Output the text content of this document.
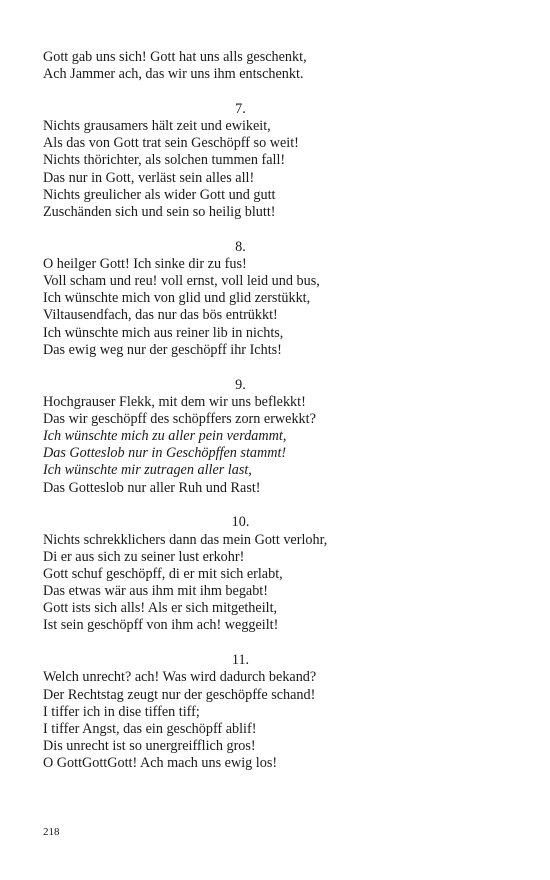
Gott gab uns sich! Gott hat uns alls geschenkt,
Ach Jammer ach, das wir uns ihm entschenkt.
7.
Nichts grausamers hält zeit und ewikeit,
Als das von Gott trat sein Geschöpff so weit!
Nichts thörichter, als solchen tummen fall!
Das nur in Gott, verläst sein alles all!
Nichts greulicher als wider Gott und gutt
Zuschänden sich und sein so heilig blutt!
8.
O heilger Gott! Ich sinke dir zu fus!
Voll scham und reu! voll ernst, voll leid und bus,
Ich wünschte mich von glid und glid zerstükkt,
Viltausendfach, das nur das bös entrükkt!
Ich wünschte mich aus reiner lib in nichts,
Das ewig weg nur der geschöpff ihr Ichts!
9.
Hochgrauser Flekk, mit dem wir uns beflekkt!
Das wir geschöpff des schöpffers zorn erwekkt?
Ich wünschte mich zu aller pein verdammt,
Das Gotteslob nur in Geschöpffen stammt!
Ich wünschte mir zutragen aller last,
Das Gotteslob nur aller Ruh und Rast!
10.
Nichts schrekklichers dann das mein Gott verlohr,
Di er aus sich zu seiner lust erkohr!
Gott schuf geschöpff, di er mit sich erlabt,
Das etwas wär aus ihm mit ihm begabt!
Gott ists sich alls! Als er sich mitgetheilt,
Ist sein geschöpff von ihm ach! weggeilt!
11.
Welch unrecht? ach! Was wird dadurch bekand?
Der Rechtstag zeugt nur der geschöpffe schand!
I tiffer ich in dise tiffen tiff;
I tiffer Angst, das ein geschöpff ablif!
Dis unrecht ist so unergreifflich gros!
O GottGottGott! Ach mach uns ewig los!
218
